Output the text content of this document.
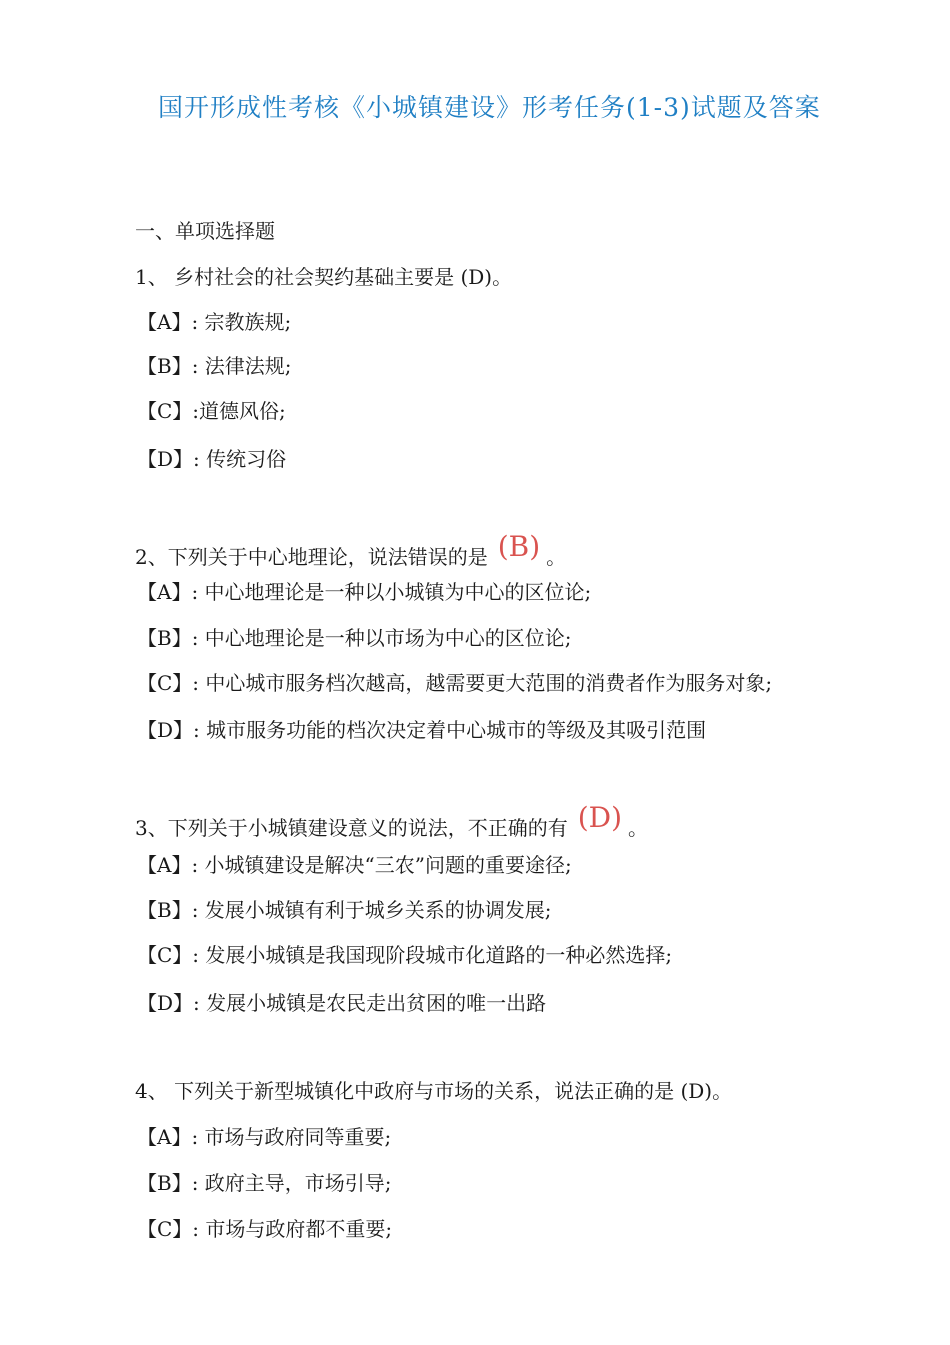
国开形成性考核《小城镇建设》形考任务(1-3)试题及答案
一、单项选择题
1、 乡村社会的社会契约基础主要是 (D)。
【A】: 宗教族规;
【B】: 法律法规;
【C】:道德风俗;
【D】: 传统习俗
2、下列关于中心地理论，说法错误的是 (B) 。
【A】: 中心地理论是一种以小城镇为中心的区位论;
【B】: 中心地理论是一种以市场为中心的区位论;
【C】: 中心城市服务档次越高，越需要更大范围的消费者作为服务对象;
【D】: 城市服务功能的档次决定着中心城市的等级及其吸引范围
3、下列关于小城镇建设意义的说法，不正确的有 (D) 。
【A】: 小城镇建设是解决“三农”问题的重要途径;
【B】: 发展小城镇有利于城乡关系的协调发展;
【C】: 发展小城镇是我国现阶段城市化道路的一种必然选择;
【D】: 发展小城镇是农民走出贫困的唯一出路
4、 下列关于新型城镇化中政府与市场的关系，说法正确的是 (D)。
【A】: 市场与政府同等重要;
【B】: 政府主导，市场引导;
【C】: 市场与政府都不重要;
